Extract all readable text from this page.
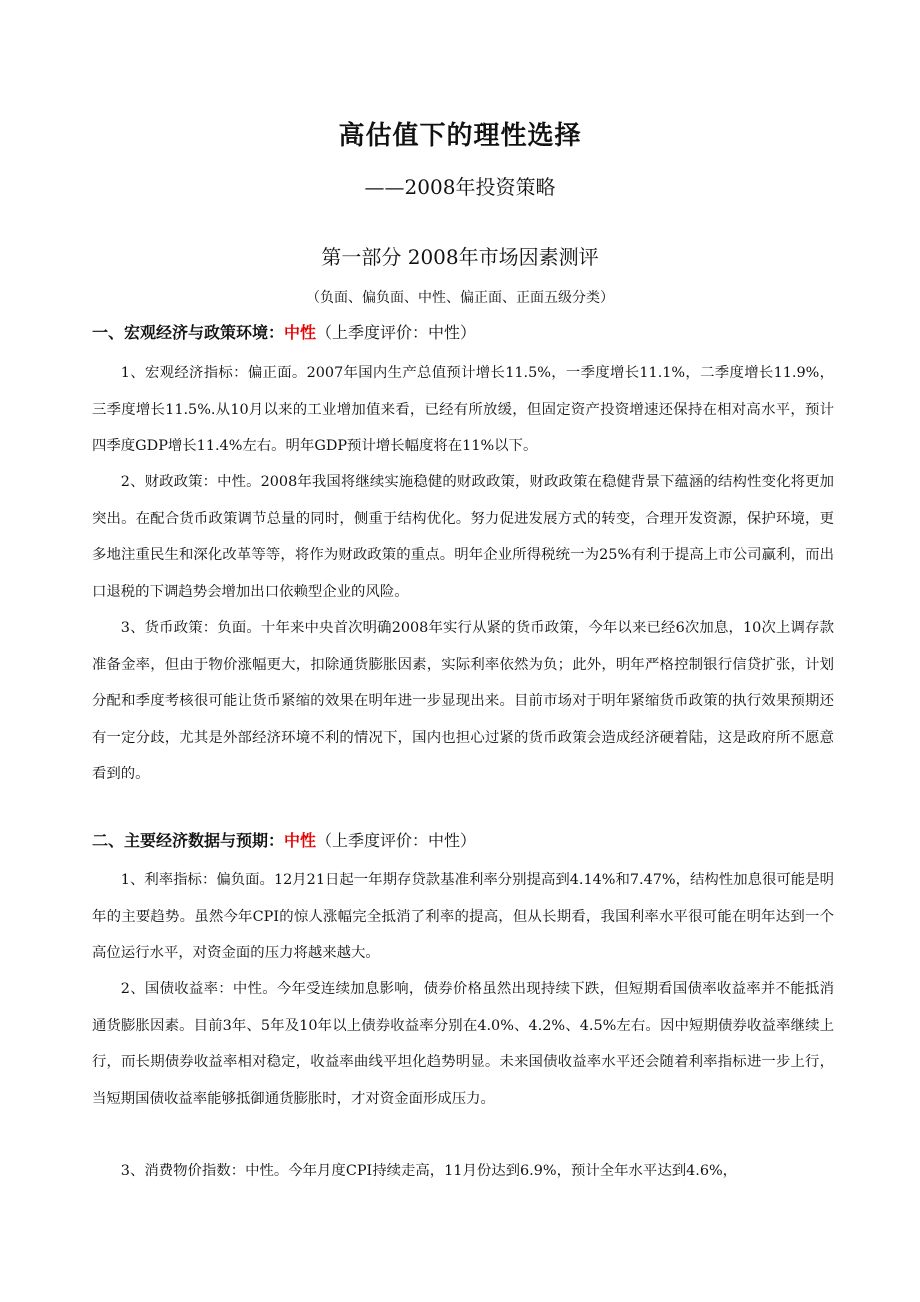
高估值下的理性选择
——2008年投资策略
第一部分 2008年市场因素测评
（负面、偏负面、中性、偏正面、正面五级分类）
一、宏观经济与政策环境：中性（上季度评价：中性）
1、宏观经济指标：偏正面。2007年国内生产总值预计增长11.5%，一季度增长11.1%，二季度增长11.9%，三季度增长11.5%.从10月以来的工业增加值来看，已经有所放缓，但固定资产投资增速还保持在相对高水平，预计四季度GDP增长11.4%左右。明年GDP预计增长幅度将在11%以下。
2、财政政策：中性。2008年我国将继续实施稳健的财政政策，财政政策在稳健背景下蕴涵的结构性变化将更加突出。在配合货币政策调节总量的同时，侧重于结构优化。努力促进发展方式的转变，合理开发资源，保护环境，更多地注重民生和深化改革等等，将作为财政政策的重点。明年企业所得税统一为25%有利于提高上市公司赢利，而出口退税的下调趋势会增加出口依赖型企业的风险。
3、货币政策：负面。十年来中央首次明确2008年实行从紧的货币政策，今年以来已经6次加息，10次上调存款准备金率，但由于物价涨幅更大，扣除通货膨胀因素，实际利率依然为负；此外，明年严格控制银行信贷扩张，计划分配和季度考核很可能让货币紧缩的效果在明年进一步显现出来。目前市场对于明年紧缩货币政策的执行效果预期还有一定分歧，尤其是外部经济环境不利的情况下，国内也担心过紧的货币政策会造成经济硬着陆，这是政府所不愿意看到的。
二、主要经济数据与预期：中性（上季度评价：中性）
1、利率指标：偏负面。12月21日起一年期存贷款基准利率分别提高到4.14%和7.47%，结构性加息很可能是明年的主要趋势。虽然今年CPI的惊人涨幅完全抵消了利率的提高，但从长期看，我国利率水平很可能在明年达到一个高位运行水平，对资金面的压力将越来越大。
2、国债收益率：中性。今年受连续加息影响，债券价格虽然出现持续下跌，但短期看国债率收益率并不能抵消通货膨胀因素。目前3年、5年及10年以上债券收益率分别在4.0%、4.2%、4.5%左右。因中短期债券收益率继续上行，而长期债券收益率相对稳定，收益率曲线平坦化趋势明显。未来国债收益率水平还会随着利率指标进一步上行，当短期国债收益率能够抵御通货膨胀时，才对资金面形成压力。
3、消费物价指数：中性。今年月度CPI持续走高，11月份达到6.9%，预计全年水平达到4.6%，
